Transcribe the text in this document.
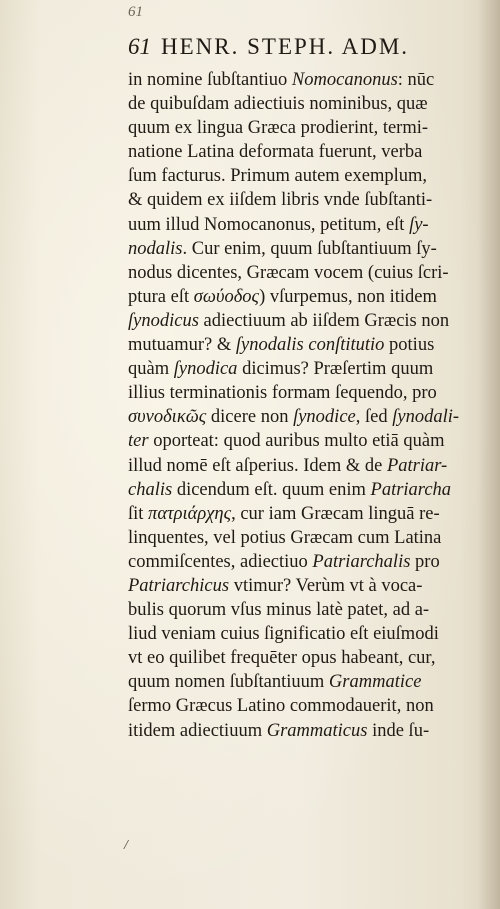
61
61 HENR. STEPH. ADM.
in nomine ſubſtantiuo Nomocanonus: nūc
de quibuſdam adiectiuis nominibus, quæ
quum ex lingua Græca prodierint, termi-
natione Latina deformata fuerunt, verba
ſum facturus. Primum autem exemplum,
& quidem ex iiſdem libris vnde ſubſtanti-
uum illud Nomocanonus, petitum, eſt ſy-
nodalis. Cur enim, quum ſubſtantiuum ſy-
nodus dicentes, Græcam vocem (cuius ſcri-
ptura eſt σωύοδος) vſurpemus, non itidem
ſynodicus adiectiuum ab iiſdem Græcis non
mutuamur? & ſynodalis conſtitutio potius
quàm ſynodica dicimus? Præſertim quum
illius terminationis formam ſequendo, pro
συνοδικῶς dicere non ſynodice, ſed ſynodali-
ter oporteat: quod auribus multo etiā quàm
illud nomē eſt aſperius. Idem & de Patriar-
chalis dicendum eſt. quum enim Patriarcha
ſit πατριάρχης, cur iam Græcam linguā re-
linquentes, vel potius Græcam cum Latina
commiſcentes, adiectiuo Patriarchalis pro
Patriarchicus vtimur? Verùm vt à voca-
bulis quorum vſus minus latè patet, ad a-
liud veniam cuius ſignificatio eſt eiuſmodi
vt eo quilibet frequēter opus habeant, cur,
quum nomen ſubſtantiuum Grammatice
ſermo Græcus Latino commodauerit, non
itidem adiectiuum Grammaticus inde ſu-
/
